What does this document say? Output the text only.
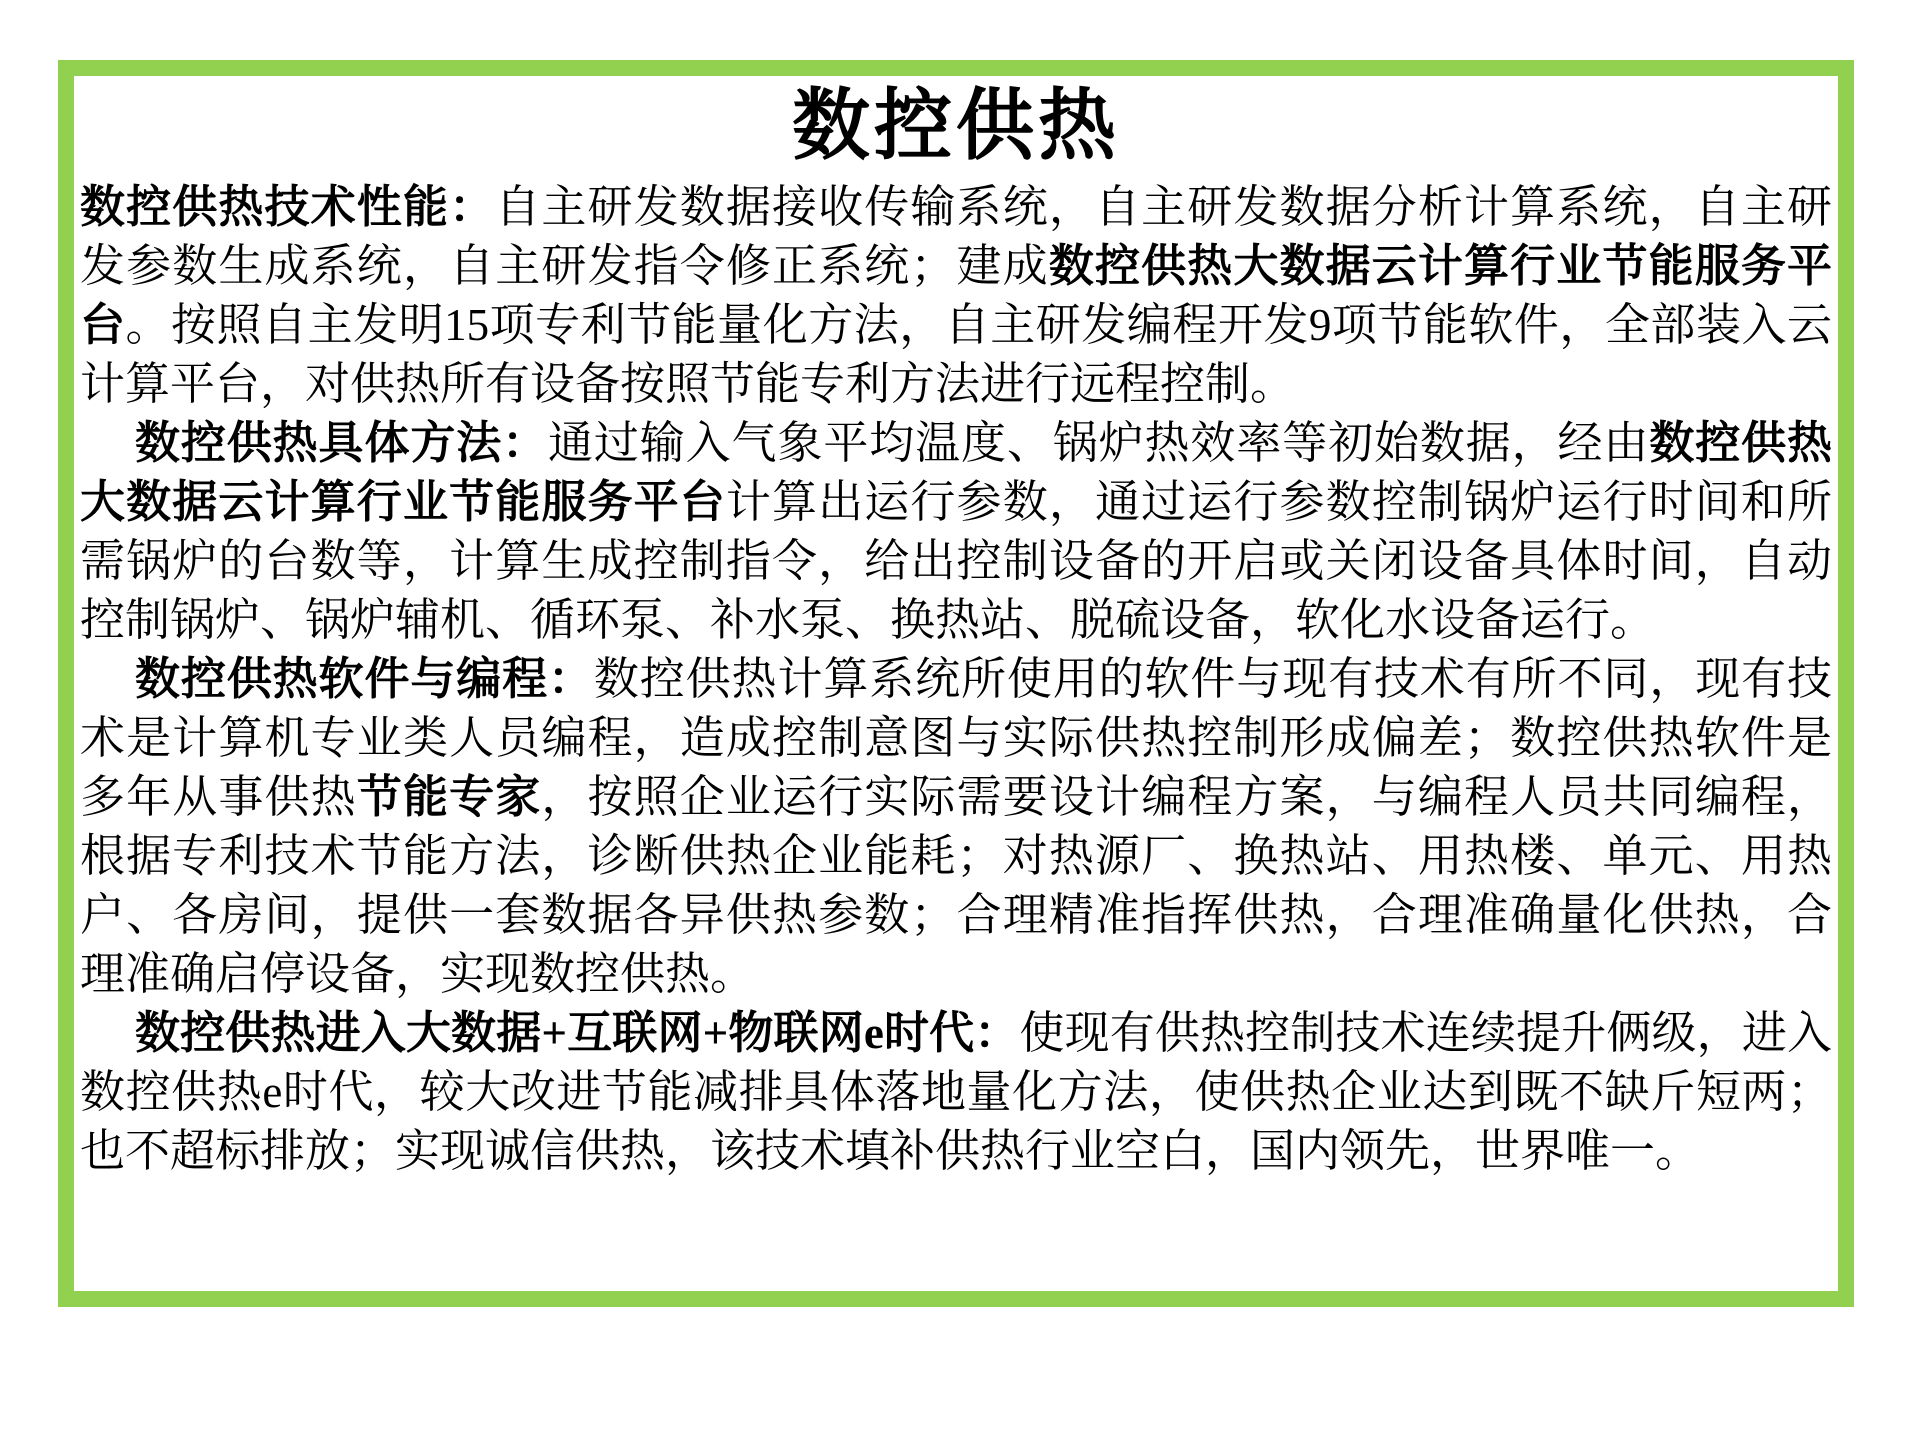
数控供热

数控供热技术性能：自主研发数据接收传输系统，自主研发数据分析计算系统，自主研发参数生成系统，自主研发指令修正系统；建成数控供热大数据云计算行业节能服务平台。按照自主发明15项专利节能量化方法，自主研发编程开发9项节能软件，全部装入云计算平台，对供热所有设备按照节能专利方法进行远程控制。

数控供热具体方法：通过输入气象平均温度、锅炉热效率等初始数据，经由数控供热大数据云计算行业节能服务平台计算出运行参数，通过运行参数控制锅炉运行时间和所需锅炉的台数等，计算生成控制指令，给出控制设备的开启或关闭设备具体时间，自动控制锅炉、锅炉辅机、循环泵、补水泵、换热站、脱硫设备，软化水设备运行。

数控供热软件与编程：数控供热计算系统所使用的软件与现有技术有所不同，现有技术是计算机专业类人员编程，造成控制意图与实际供热控制形成偏差；数控供热软件是多年从事供热节能专家，按照企业运行实际需要设计编程方案，与编程人员共同编程，根据专利技术节能方法，诊断供热企业能耗；对热源厂、换热站、用热楼、单元、用热户、各房间，提供一套数据各异供热参数；合理精准指挥供热，合理准确量化供热，合理准确启停设备，实现数控供热。

数控供热进入大数据+互联网+物联网e时代：使现有供热控制技术连续提升俩级，进入数控供热e时代，较大改进节能减排具体落地量化方法，使供热企业达到既不缺斤短两；也不超标排放；实现诚信供热，该技术填补供热行业空白，国内领先，世界唯一。
